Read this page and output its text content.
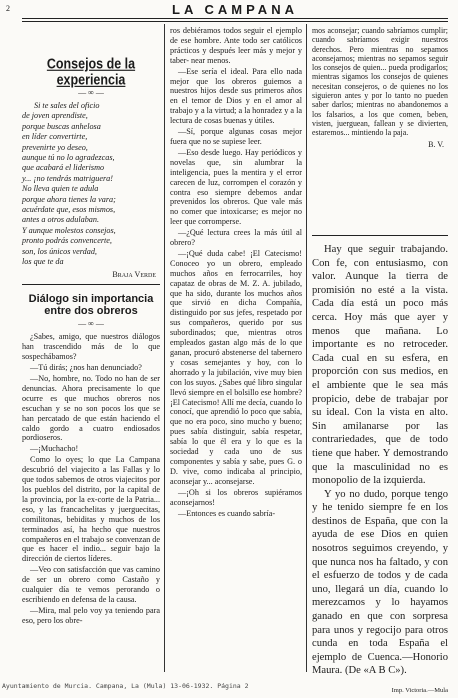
2	LA CAMPANA
Consejos de la experiencia
— ∞ —
Si te sales del oficio
de joven aprendiste,
porque buscas anhelosa
en líder convertirte,
prevenirte yo deseo,
aunque tú no lo agradezcas,
que acabará el liderismo
y... ¡no tendrás matriguera!
No lleva quien te adula
porque ahora tienes la vara;
acuérdate que, esos mismos,
antes a otros adulaban.
Y aunque molestos consejos,
pronto podrás convencerte,
son, los únicos verdad,
los que te da
Braja Verde
Diálogo sin importancia
entre dos obreros
— ∞ —

¿Sabes, amigo, que nuestros diálogos han trascendido más de lo que sospechábamos?

—Tú dirás; ¿nos han denunciado?

—No, hombre, no. Todo no han de ser denuncias. Ahora precisamente lo que ocurre es que muchos obreros nos escuchan y se no son pocos los que se han percatado de que están haciendo el caldo gordo a cuatro endiosados pordioseros.

—¡Muchacho!

Como lo oyes; lo que La Campana descubrió del viajecito a las Fallas y lo que todos sabemos de otros viajecitos por los pueblos del distrito, por la capital de la provincia, por la ex-corte de la Patria... eso, y las francachelitas y juerguecitas, comilitonas, bebiditas y muchos de los terminados así, ha hecho que nuestros compañeros en el trabajo se convenzan de que es hacer el indio... seguir bajo la dirección de ciertos líderes.

—Veo con satisfacción que vas camino de ser un obrero como Castaño y cualquier día te vemos perorando o escribiendo en defensa de la causa.

—Mira, mal pelo voy ya teniendo para eso, pero los obre-

ros debiéramos todos seguir el ejemplo de ese hombre. Ante todo ser católicos prácticos y después leer más y mejor y taber- near menos.

—Ese sería el ideal. Para ello nada mejor que los obreros guiemos a nuestros hijos desde sus primeros años en el temor de Dios y en el amor al trabajo y a la virtud; a la honradez y a la lectura de cosas buenas y útiles.

—Sí, porque algunas cosas mejor fuera que no se supiese leer.

—Eso desde luego. Hay periódicos y novelas que, sin alumbrar la inteligencia, pues la mentira y el error carecen de luz, corrompen el corazón y contra eso siempre debemos andar prevenidos los obreros. Que vale más no comer que intoxicarse; es mejor no leer que corromperse.

—¿Qué lectura crees la más útil al obrero?

—¡Qué duda cabe! ¡El Catecismo! Conoceo yo un obrero, empleado muchos años en ferrocarriles, hoy capataz de obras de M. Z. A. jubilado, que ha sido, durante los muchos años que sirvió en dicha Compañía, distinguido por sus jefes, respetado por sus compañeros, querido por sus subordinados; que, mientras otros empleados gastan algo más de lo que ganan, procuró abstenerse del tabernero y cosas semejantes y hoy, con lo ahorrado y la jubilación, vive muy bien con los suyos. ¿Sabes qué libro singular llevó siempre en el bolsillo ese hombre? ¡El Catecismo! Allí me decía, cuando lo conocí, que aprendió lo poco que sabía, que no era poco, sino mucho y bueno; pues sabía distinguir, sabía respetar, sabía lo que él era y lo que es la sociedad y cada uno de sus componentes y sabía y sabe, pues G. o D. vive, como indicaba al principio, aconsejar y... aconsejarse.

—¡Oh si los obreros supiéramos aconsejarnos!

—Entonces es cuando sabría-

mos aconsejar; cuando sabríamos cumplir; cuando sabríamos exigir nuestros derechos. Pero mientras no sepamos aconsejarnos; mientras no sepamos seguir los consejos de quien... pueda prodigarlos; mientras sigamos los consejos de quienes necesitan consejeros, o de quienes no los siguieron antes y por lo tanto no pueden saber darlos; mientras no abandonemos a los falsarios, a los que comen, beben, visten, juerguean, fallean y se divierten, estaremos... mintiendo la paja.

B. V.

Hay que seguir trabajando. Con fe, con entusiasmo, con valor. Aunque la tierra de promisión no esté a la vista. Cada día está un poco más cerca. Hoy más que ayer y menos que mañana. Lo importante es no retroceder. Cada cual en su esfera, en proporción con sus medios, en el ambiente que le sea más propicio, debe de trabajar por su ideal. Con la vista en alto. Sin amilanarse por las contrariedades, que de todo tiene que haber. Y demostrando que la masculinidad no es monopolio de la izquierda.

Y yo no dudo, porque tengo y he tenido siempre fe en los destinos de España, que con la ayuda de ese Dios en quien nosotros seguimos creyendo, y que nunca nos ha faltado, y con el esfuerzo de todos y de cada uno, llegará un día, cuando lo merezcamos y lo hayamos ganado en que con sorpresa para unos y regocijo para otros cunda en toda España el ejemplo de Cuenca.—Honorio Maura. (De «A B C»).

Imp. Victoria.—Mula
Ayuntamiento de Murcia. Campana, La (Mula) 13-06-1932. Página 2
